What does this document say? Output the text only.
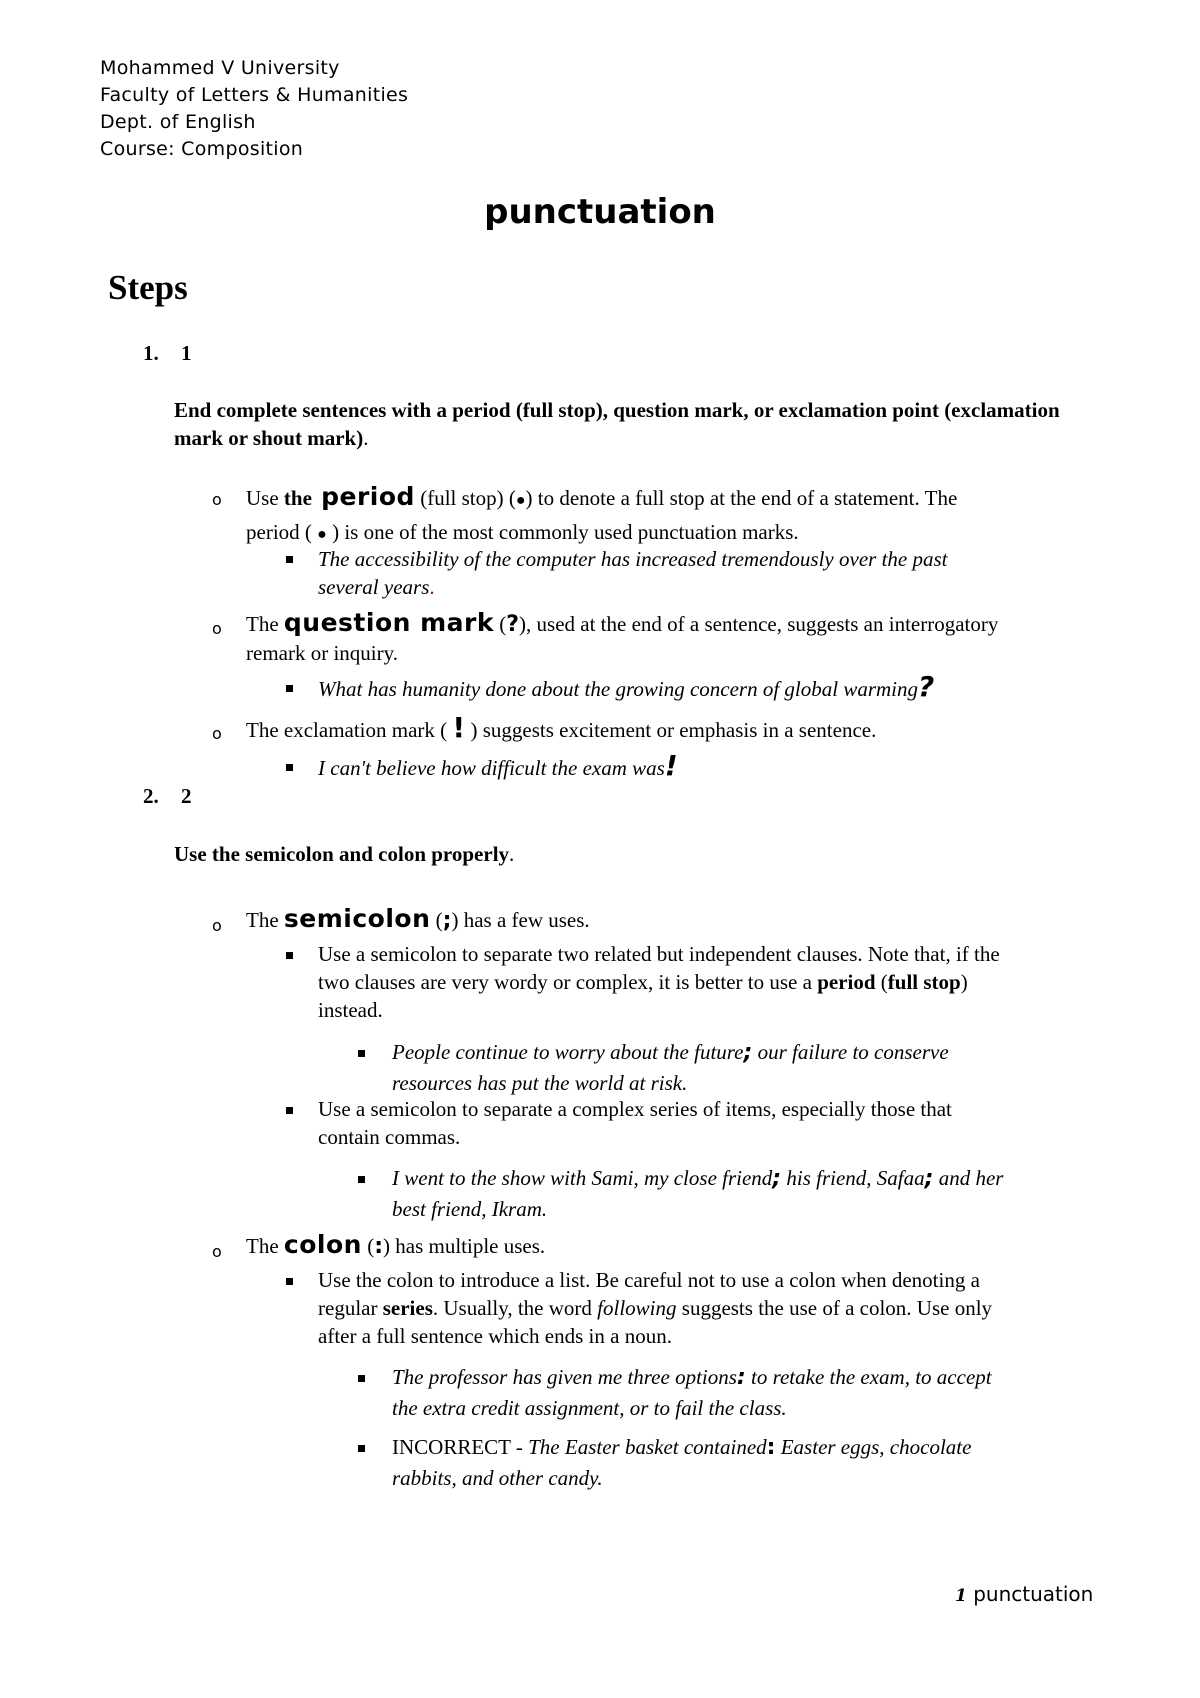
Mohammed V University
Faculty of Letters & Humanities
Dept. of English
Course: Composition
punctuation
Steps
1. 1
End complete sentences with a period (full stop), question mark, or exclamation point (exclamation mark or shout mark).
o Use the period (full stop) (●) to denote a full stop at the end of a statement. The
period ( ● ) is one of the most commonly used punctuation marks.
The accessibility of the computer has increased tremendously over the past
several years.
o The question mark (?), used at the end of a sentence, suggests an interrogatory
remark or inquiry.
What has humanity done about the growing concern of global warming?
o The exclamation mark ( ! ) suggests excitement or emphasis in a sentence.
I can't believe how difficult the exam was!
2. 2
Use the semicolon and colon properly.
o The semicolon (;) has a few uses.
Use a semicolon to separate two related but independent clauses. Note that, if the
two clauses are very wordy or complex, it is better to use a period (full stop)
instead.
People continue to worry about the future; our failure to conserve
resources has put the world at risk.
Use a semicolon to separate a complex series of items, especially those that
contain commas.
I went to the show with Sami, my close friend; his friend, Safaa; and her
best friend, Ikram.
o The colon (:) has multiple uses.
Use the colon to introduce a list. Be careful not to use a colon when denoting a
regular series. Usually, the word following suggests the use of a colon. Use only
after a full sentence which ends in a noun.
The professor has given me three options: to retake the exam, to accept
the extra credit assignment, or to fail the class.
INCORRECT - The Easter basket contained: Easter eggs, chocolate
rabbits, and other candy.
1 punctuation
